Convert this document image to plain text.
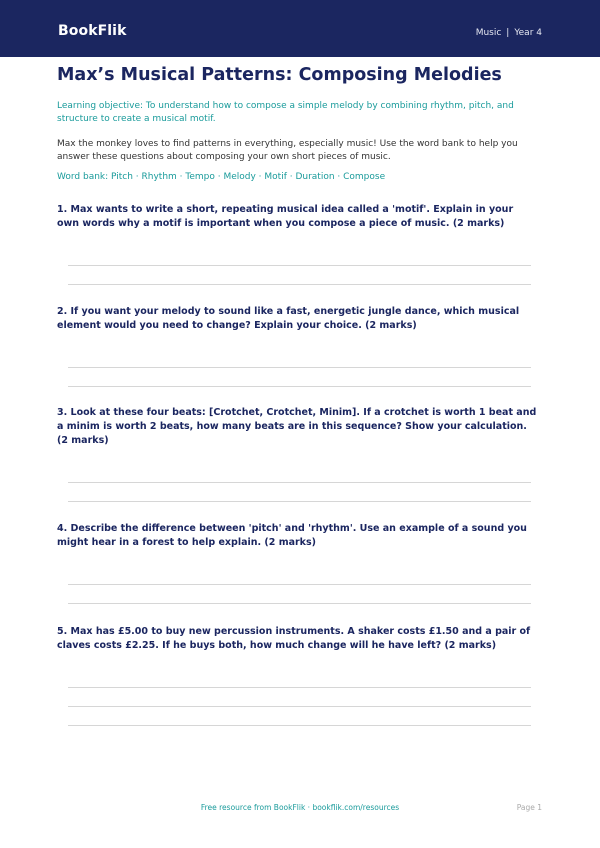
BookFlik	Music | Year 4
Max’s Musical Patterns: Composing Melodies
Learning objective: To understand how to compose a simple melody by combining rhythm, pitch, and structure to create a musical motif.
Max the monkey loves to find patterns in everything, especially music! Use the word bank to help you answer these questions about composing your own short pieces of music.
Word bank: Pitch · Rhythm · Tempo · Melody · Motif · Duration · Compose
1. Max wants to write a short, repeating musical idea called a 'motif'. Explain in your own words why a motif is important when you compose a piece of music. (2 marks)
2. If you want your melody to sound like a fast, energetic jungle dance, which musical element would you need to change? Explain your choice. (2 marks)
3. Look at these four beats: [Crotchet, Crotchet, Minim]. If a crotchet is worth 1 beat and a minim is worth 2 beats, how many beats are in this sequence? Show your calculation. (2 marks)
4. Describe the difference between 'pitch' and 'rhythm'. Use an example of a sound you might hear in a forest to help explain. (2 marks)
5. Max has £5.00 to buy new percussion instruments. A shaker costs £1.50 and a pair of claves costs £2.25. If he buys both, how much change will he have left? (2 marks)
Free resource from BookFlik · bookflik.com/resources	Page 1
